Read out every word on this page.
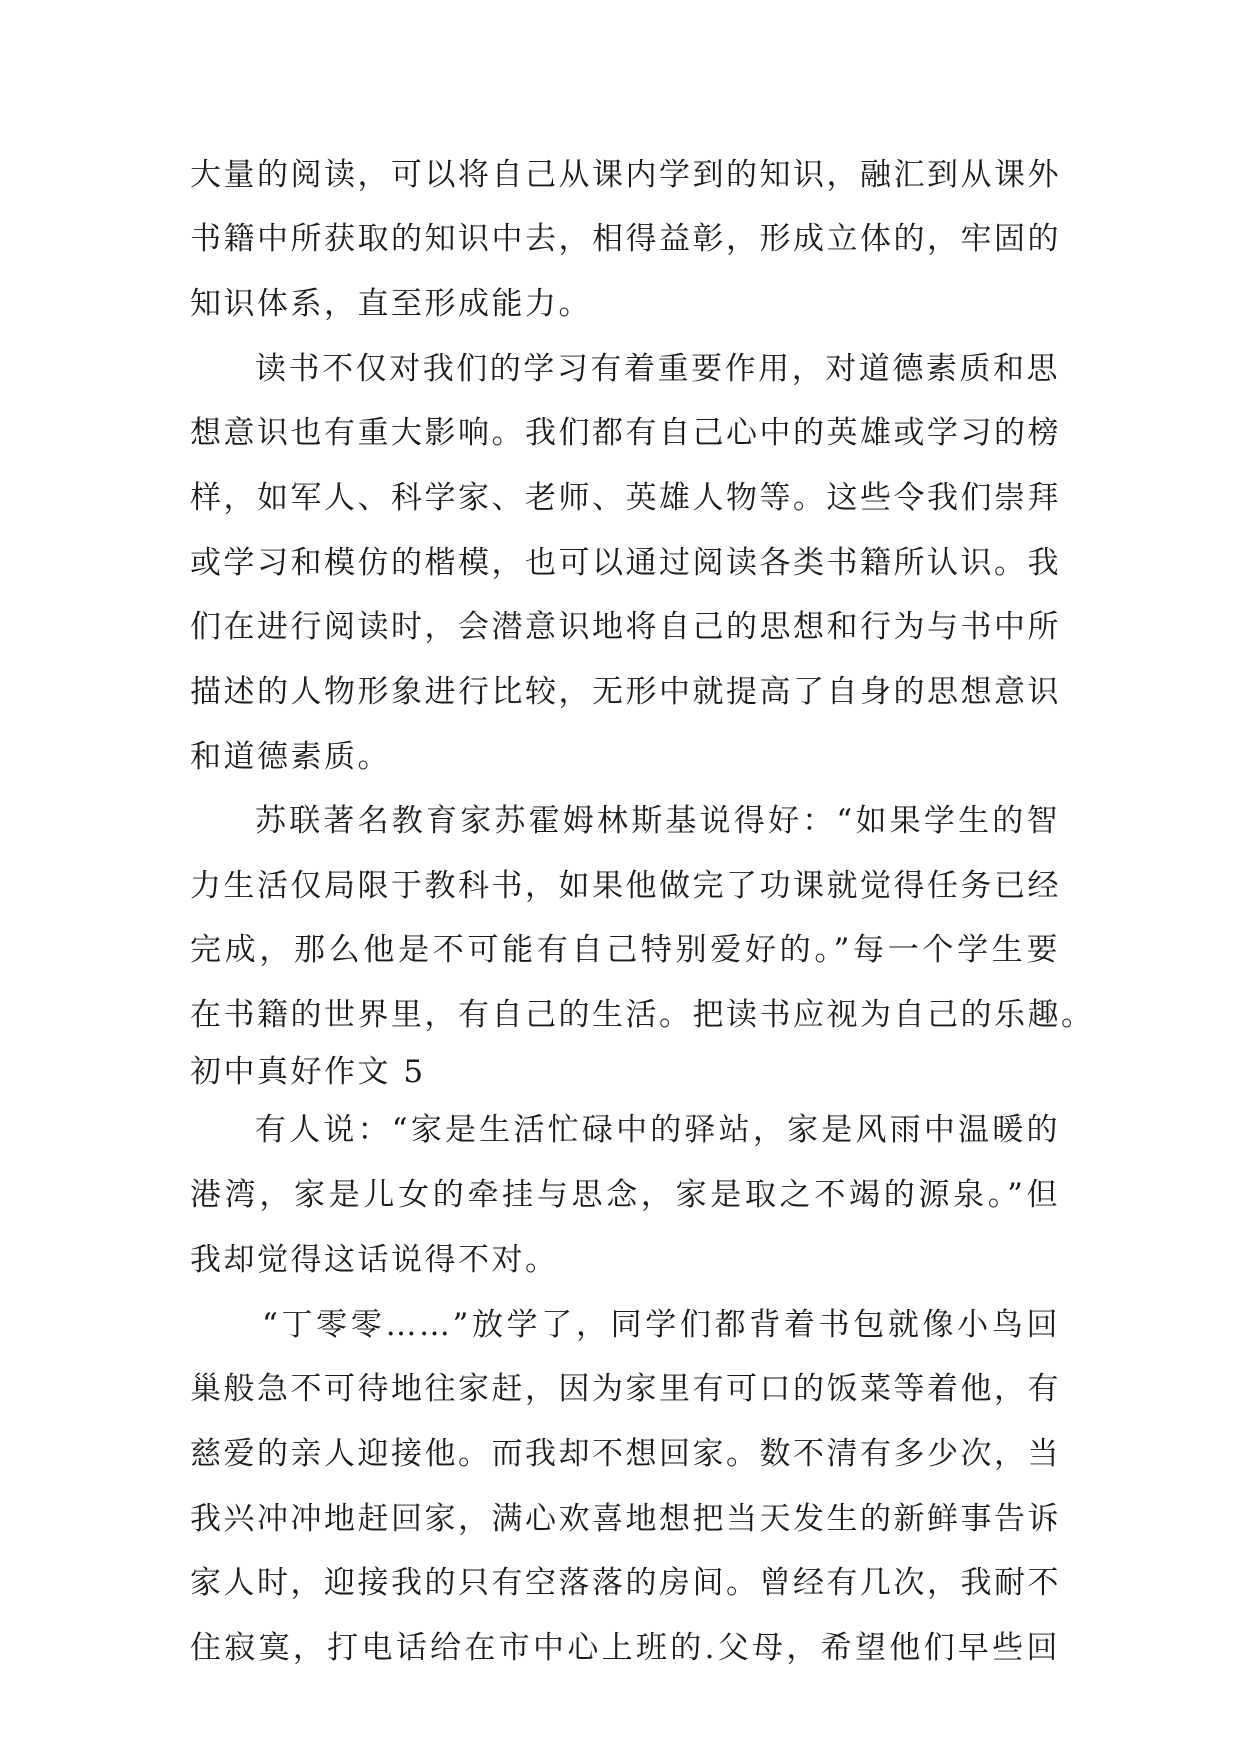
大量的阅读，可以将自己从课内学到的知识，融汇到从课外
书籍中所获取的知识中去，相得益彰，形成立体的，牢固的
知识体系，直至形成能力。
读书不仅对我们的学习有着重要作用，对道德素质和思
想意识也有重大影响。我们都有自己心中的英雄或学习的榜
样，如军人、科学家、老师、英雄人物等。这些令我们崇拜
或学习和模仿的楷模，也可以通过阅读各类书籍所认识。我
们在进行阅读时，会潜意识地将自己的思想和行为与书中所
描述的人物形象进行比较，无形中就提高了自身的思想意识
和道德素质。
苏联著名教育家苏霍姆林斯基说得好：“如果学生的智
力生活仅局限于教科书，如果他做完了功课就觉得任务已经
完成，那么他是不可能有自己特别爱好的。”每一个学生要
在书籍的世界里，有自己的生活。把读书应视为自己的乐趣。
初中真好作文 5
有人说：“家是生活忙碌中的驿站，家是风雨中温暖的
港湾，家是儿女的牵挂与思念，家是取之不竭的源泉。”但
我却觉得这话说得不对。
“丁零零……”放学了，同学们都背着书包就像小鸟回
巢般急不可待地往家赶，因为家里有可口的饭菜等着他，有
慈爱的亲人迎接他。而我却不想回家。数不清有多少次，当
我兴冲冲地赶回家，满心欢喜地想把当天发生的新鲜事告诉
家人时，迎接我的只有空落落的房间。曾经有几次，我耐不
住寂寞，打电话给在市中心上班的.父母，希望他们早些回
